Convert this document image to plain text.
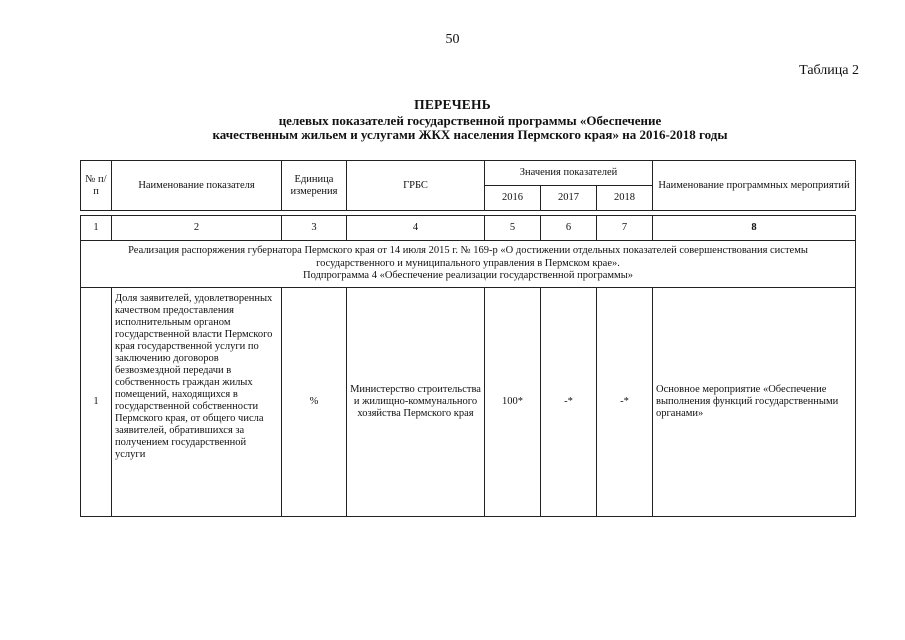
50
Таблица 2
ПЕРЕЧЕНЬ
целевых показателей государственной программы «Обеспечение
качественным жильем и услугами ЖКХ населения Пермского края» на 2016-2018 годы
№ п/п	Наименование показателя	Единица измерения	ГРБС	Значения показателей			Наименование программных мероприятий
				2016	2017	2018	

1	2	3	4	5	6	7	8

Реализация распоряжения губернатора Пермского края от 14 июля 2015 г. № 169-р «О достижении отдельных показателей совершенствования системы
государственного и муниципального управления в Пермском крае».
Подпрограмма 4 «Обеспечение реализации государственной программы»							

1	Доля заявителей, удовлетворенных качеством предоставления исполнительным органом государственной власти Пермского края государственной услуги по заключению договоров безвозмездной передачи в собственность граждан жилых помещений, находящихся в государственной собственности Пермского края, от общего числа заявителей, обратившихся за получением государственной услуги	%	Министерство строительства и жилищно-коммунального хозяйства Пермского края	100*	-*	-*	Основное мероприятие «Обеспечение выполнения функций государственными органами»
